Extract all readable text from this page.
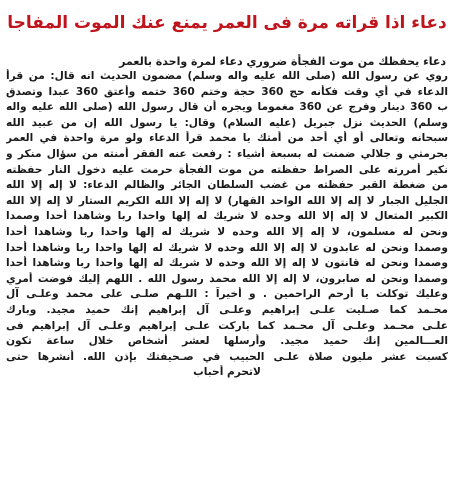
دعاء اذا قراته مرة فى العمر يمنع عنك الموت المفاجا
دعاء يحفظك من موت الفجأة ضروري دعاء لمرة واحدة بالعمر
روي عن رسول الله (صلى الله عليه واله وسلم) مضمون الحديث انه قال: من قرأ
الدعاء في أي وقت فكأنه حج 360 حجة وختم 360 ختمه وأعتق 360 عبدا وتصدق
ب 360 دينار وفرج عن 360 مغموما ويجره أن قال رسول الله (صلى الله عليه واله
وسلم) الحديث نزل جبريل (عليه السلام) وقال: يا رسول الله إن من عبيد الله
سبحانه وتعالى أو أي أحد من أمتك يا محمد قرأ الدعاء ولو مرة واحدة في العمر
بحرمتي و جلالي ضمنت له بسبعة أشياء : رفعت عنه الفقر أمنته من سؤال منكر و
نكير أمررته على الصراط حفظته من موت الفجأة حرمت عليه دخول النار حفظته
من ضغطة القبر حفظته من غضب السلطان الجائر والظالم الدعاء: لا إله إلا الله
الجليل الجبار لا إله إلا الله الواحد القهار) لا إله إلا الله الكريم الستار لا إله إلا الله
الكبير المتعال لا إله إلا الله وحده لا شريك له إلها واحدا ربا وشاهدا أحدا وصمدا
ونحن له مسلمون، لا إله إلا الله وحده لا شريك له إلها واحدا ربا وشاهدا أحدا
وصمدا ونحن له عابدون لا إله إلا الله وحده لا شريك له إلها واحدا ربا وشاهدا أحدا
وصمدا ونحن له قانتون لا إله إلا الله وحده لا شريك له إلها واحدا ربا وشاهدا أحدا
وصمدا ونحن له صابرون، لا إله إلا الله محمد رسول الله . اللهم إليك فوضت أمري
وعليك توكلت يا أرحم الراحمين . و أخيراً : اللـهم صلـى على محمد وعلـى آل
محـمد كما صـليت علـى إبراهيم وعلـى آل إبراهيم إنك حميد مجيد. وبارك
علـى محـمد وعلـى آل محـمد كما باركت علـى إبراهيم وعلـى آل إبراهيم فى
العـــالمين إنك حميد مجيد. وأرسلها لعشر أشخاص خلال ساعة تكون
كسبت عشر مليون صلاة علـى الحبيب في صـحيفتك بإذن الله. أنشرها حتى
لاتحرم أحباب
